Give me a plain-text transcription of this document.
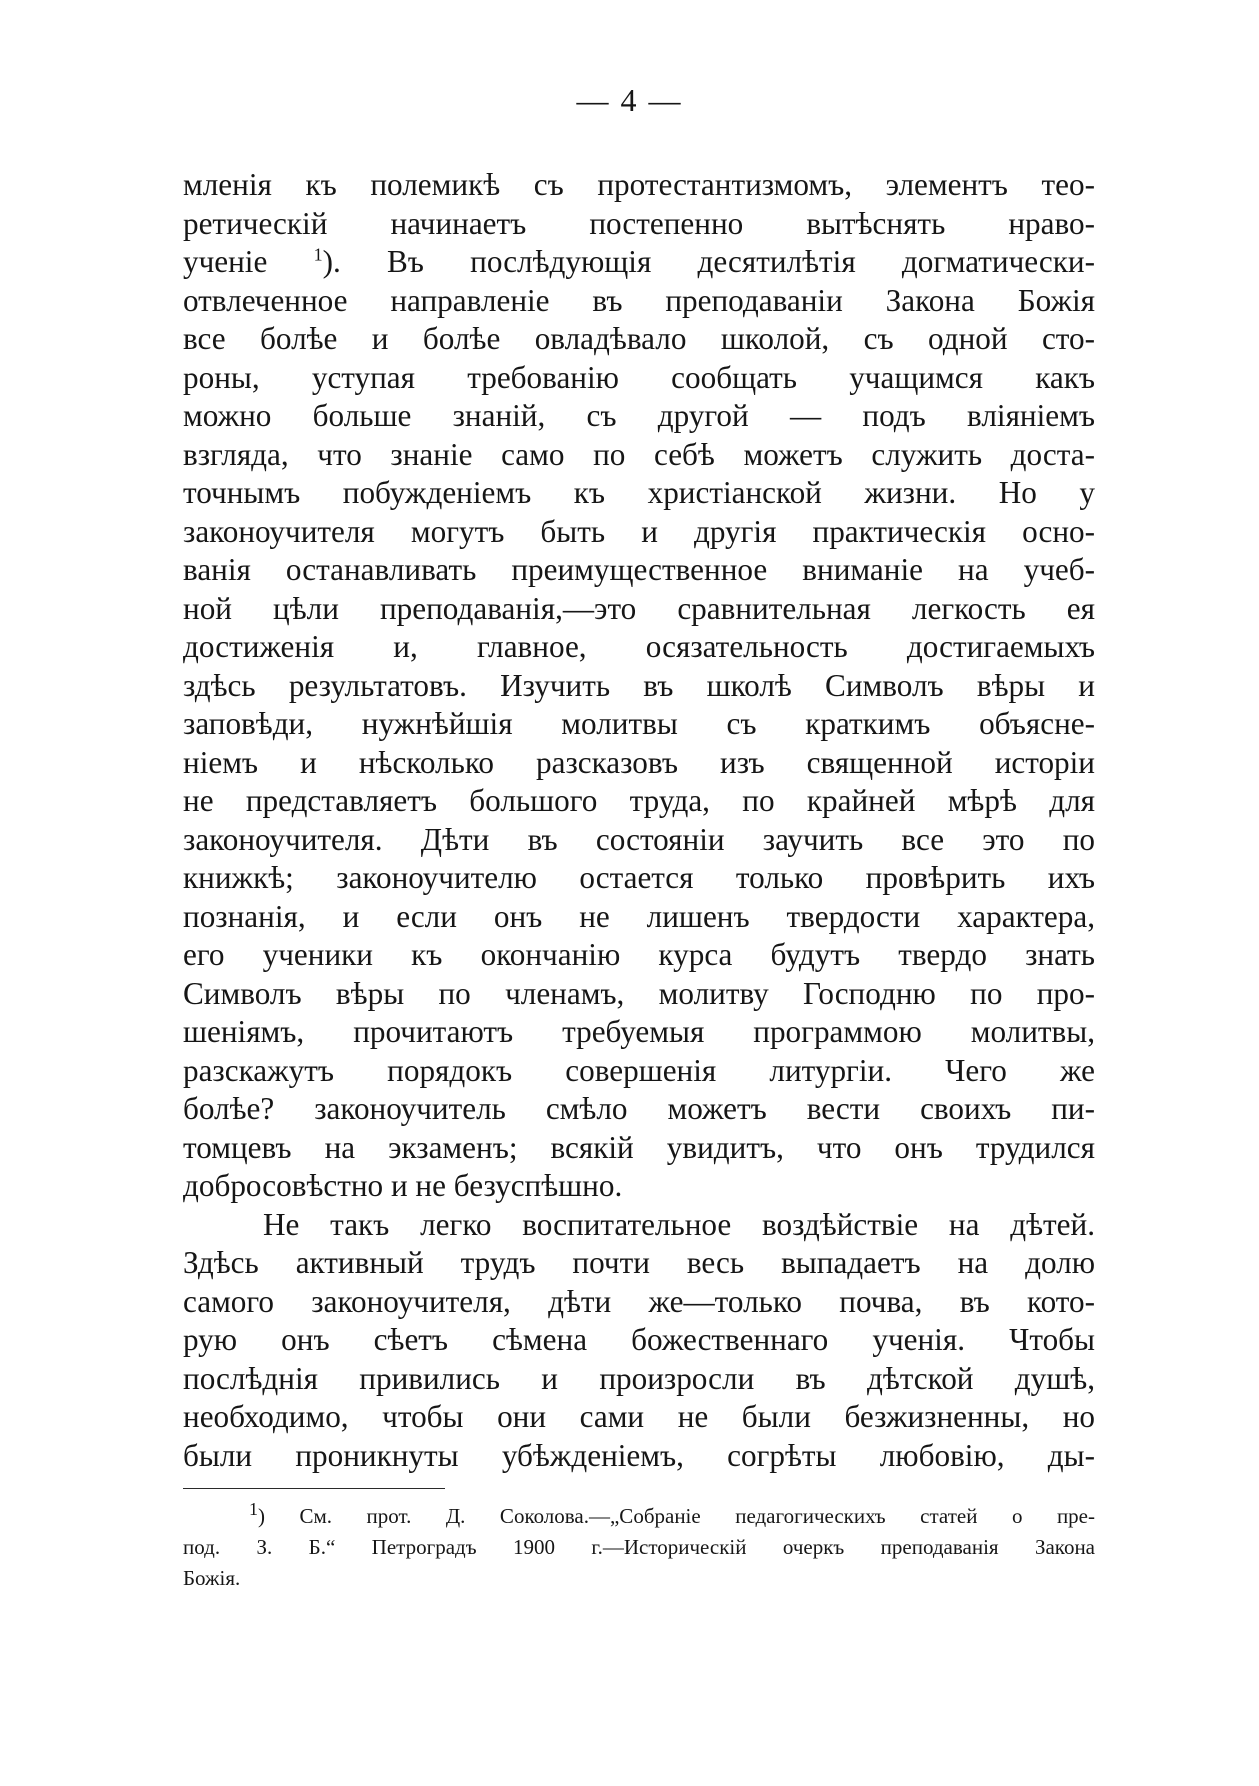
— 4 —
мленія къ полемикѣ съ протестантизмомъ, элементъ тео-
ретическій начинаетъ постепенно вытѣснять нраво-
ученіе $^1$). Въ послѣдующія десятилѣтія догматически-
отвлеченное направленіе въ преподаваніи Закона Божія
все болѣе и болѣе овладѣвало школой, съ одной сто-
роны, уступая требованію сообщать учащимся какъ
можно больше знаній, съ другой — подъ вліяніемъ
взгляда, что знаніе само по себѣ можетъ служить доста-
точнымъ побужденіемъ къ христіанской жизни. Но у
законоучителя могутъ быть и другія практическія осно-
ванія останавливать преимущественное вниманіе на учеб-
ной цѣли преподаванія,—это сравнительная легкость ея
достиженія и, главное, осязательность достигаемыхъ
здѣсь результатовъ. Изучить въ школѣ Символъ вѣры и
заповѣди, нужнѣйшія молитвы съ краткимъ объясне-
ніемъ и нѣсколько разсказовъ изъ священной исторіи
не представляетъ большого труда, по крайней мѣрѣ для
законоучителя. Дѣти въ состояніи заучить все это по
книжкѣ; законоучителю остается только провѣрить ихъ
познанія, и если онъ не лишенъ твердости характера,
его ученики къ окончанію курса будутъ твердо знать
Символъ вѣры по членамъ, молитву Господню по про-
шеніямъ, прочитаютъ требуемыя программою молитвы,
разскажутъ порядокъ совершенія литургіи. Чего же
болѣе? законоучитель смѣло можетъ вести своихъ пи-
томцевъ на экзаменъ; всякій увидитъ, что онъ трудился
добросовѣстно и не безуспѣшно.
Не такъ легко воспитательное воздѣйствіе на дѣтей.
Здѣсь активный трудъ почти весь выпадаетъ на долю
самого законоучителя, дѣти же—только почва, въ кото-
рую онъ сѣетъ сѣмена божественнаго ученія. Чтобы
послѣднія привились и произросли въ дѣтской душѣ,
необходимо, чтобы они сами не были безжизненны, но
были проникнуты убѣжденіемъ, согрѣты любовію, ды-
$^1$) См. прот. Д. Соколова.—„Собраніе педагогическихъ статей о пре-
под. З. Б.“ Петроградъ 1900 г.—Историческій очеркъ преподаванія Закона
Божія.
